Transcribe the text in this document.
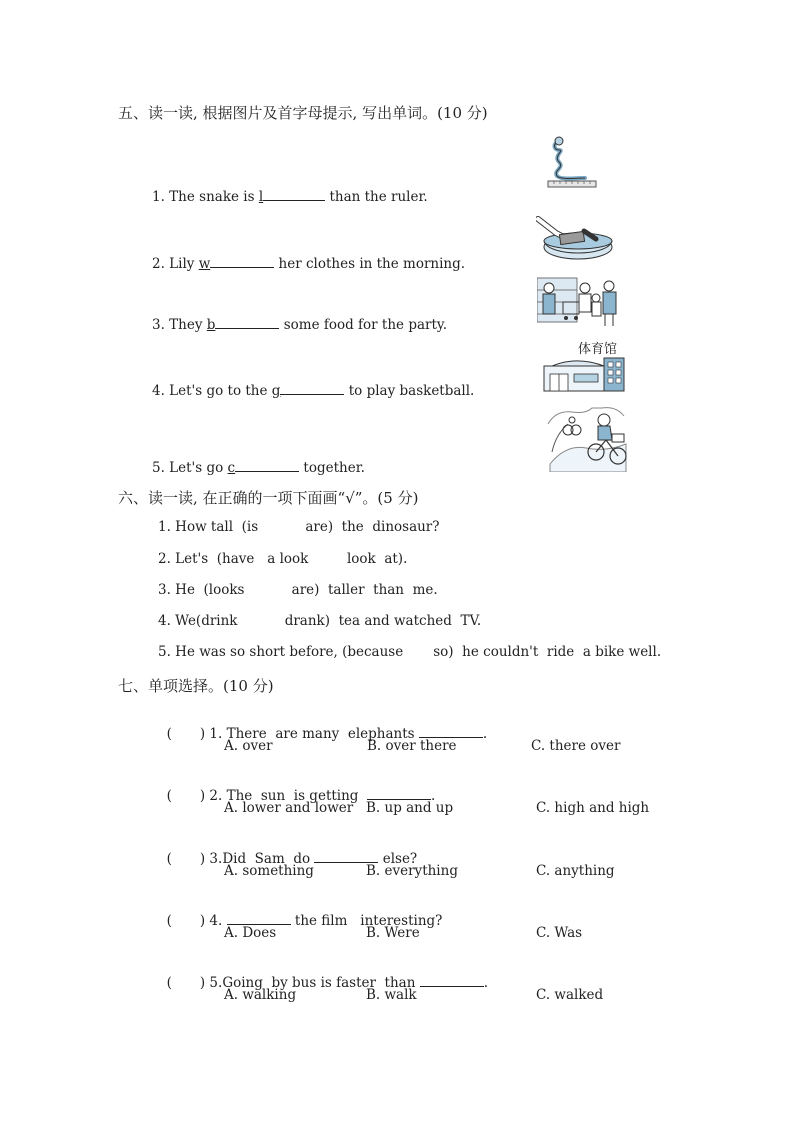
五、读一读, 根据图片及首字母提示, 写出单词。(10 分)
1. The snake is l	than the ruler.
2. Lily w	her clothes in the morning.
3. They b	some food for the party.
4. Let's go to the g	to play basketball.
5. Let's go c	together.
体育馆
六、读一读, 在正确的一项下面画“√”。(5 分)
1. How tall  (is           are)  the  dinosaur?
2. Let's  (have   a look         look  at).
3. He  (looks           are)  taller  than  me.
4. We(drink           drank)  tea and watched  TV.
5. He was so short before, (because       so)  he couldn't  ride  a bike well.
七、单项选择。(10 分)

( ) 1. There  are many  elephants	.

A. over	B. over there	C. there over

( ) 2. The  sun  is getting	.

A. lower and lower B. up and up	C. high and high

( ) 3.Did  Sam  do	else?

A. something	B. everything	C. anything

( ) 4.	the film   interesting?

A. Does	B. Were	C. Was

( ) 5.Going  by bus is faster  than	.

A. walking	B. walk	C. walked
